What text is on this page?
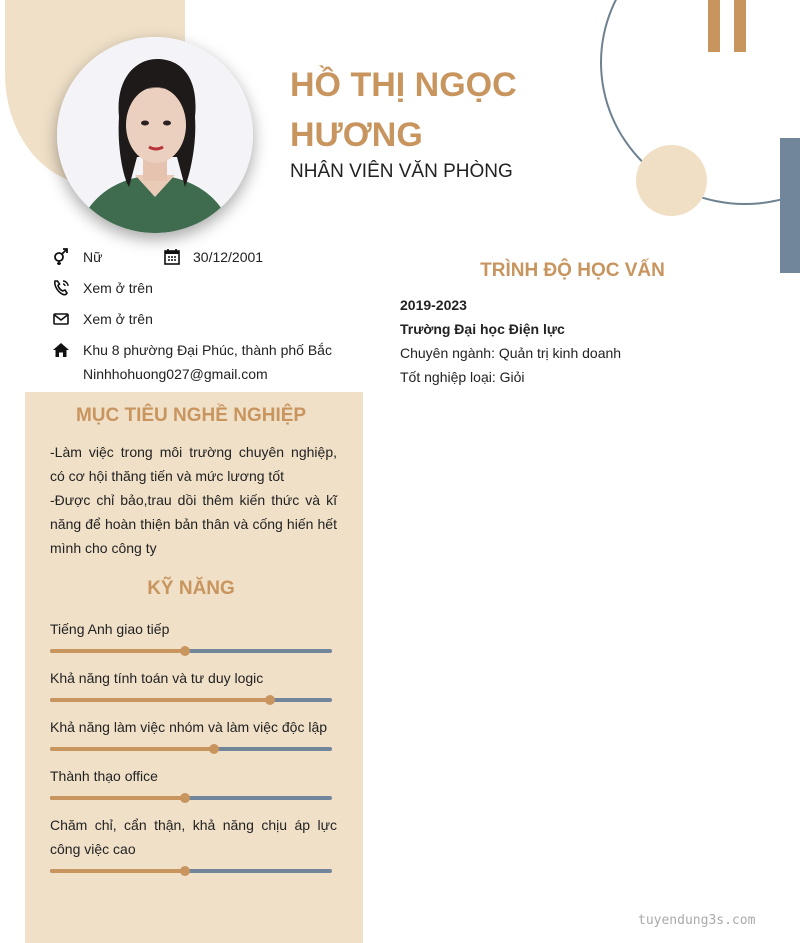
HỒ THỊ NGỌC HƯƠNG
NHÂN VIÊN VĂN PHÒNG
Nữ	30/12/2001
Xem ở trên
Xem ở trên
Khu 8 phường Đại Phúc, thành phố Bắc
Ninhhohuong027@gmail.com
MỤC TIÊU NGHỀ NGHIỆP
-Làm việc trong môi trường chuyên nghiệp, có cơ hội thăng tiến và mức lương tốt
-Được chỉ bảo,trau dồi thêm kiến thức và kĩ năng để hoàn thiện bản thân và cống hiến hết mình cho công ty
KỸ NĂNG
Tiếng Anh giao tiếp
Khả năng tính toán và tư duy logic
Khả năng làm việc nhóm và làm việc độc lập
Thành thạo office
Chăm chỉ, cẩn thận, khả năng chịu áp lực công việc cao
TRÌNH ĐỘ HỌC VẤN
2019-2023
Trường Đại học Điện lực
Chuyên ngành: Quản trị kinh doanh
Tốt nghiệp loại: Giỏi
tuyendung3s.com
